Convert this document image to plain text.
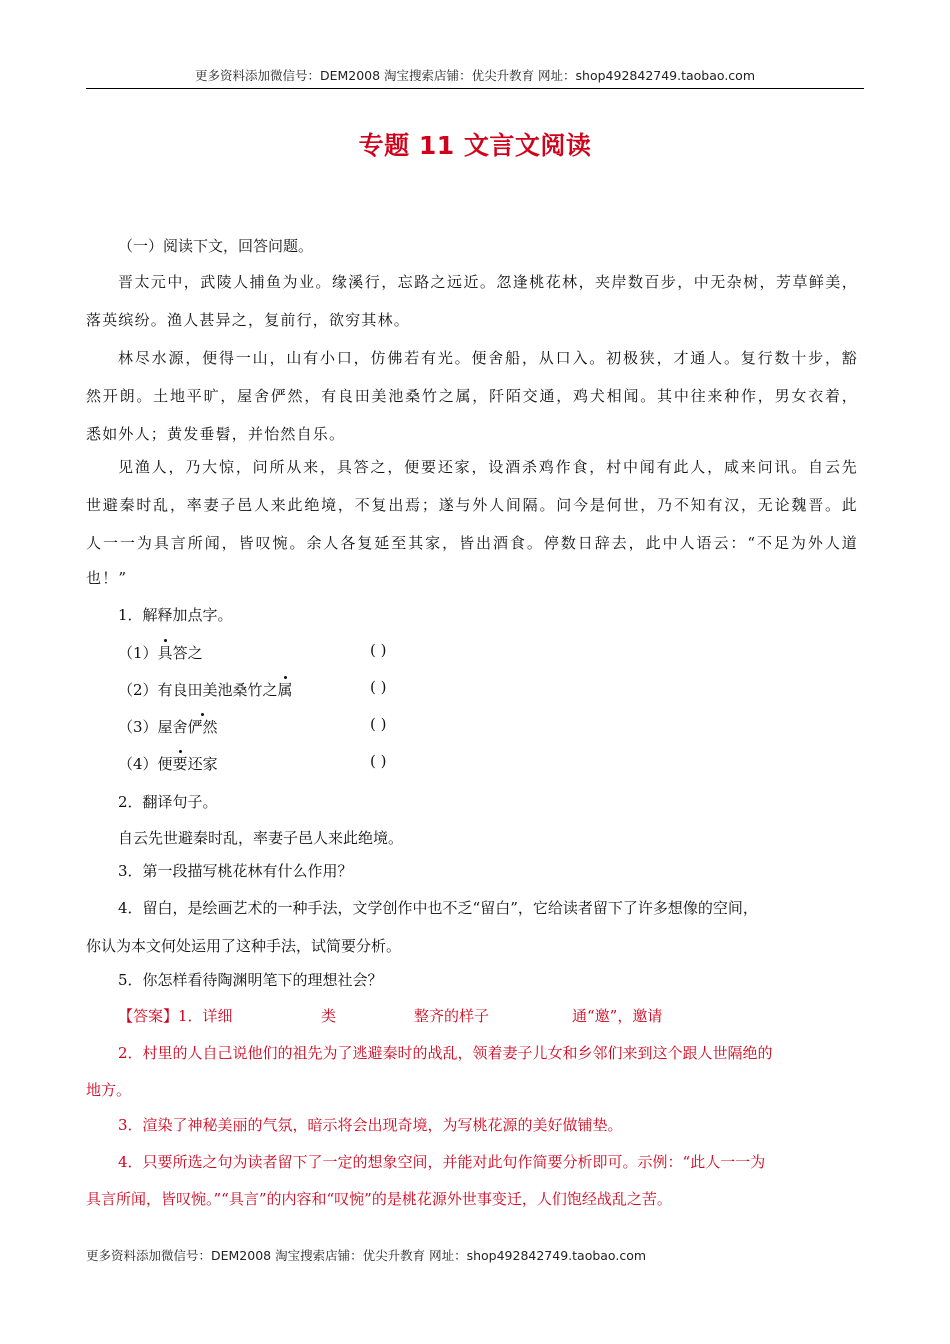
更多资料添加微信号：DEM2008 淘宝搜索店铺：优尖升教育 网址：shop492842749.taobao.com
专题 11 文言文阅读
（一）阅读下文，回答问题。
晋太元中，武陵人捕鱼为业。缘溪行，忘路之远近。忽逢桃花林，夹岸数百步，中无杂树，芳草鲜美，
落英缤纷。渔人甚异之，复前行，欲穷其林。
林尽水源，便得一山，山有小口，仿佛若有光。便舍船，从口入。初极狭，才通人。复行数十步，豁
然开朗。土地平旷，屋舍俨然，有良田美池桑竹之属，阡陌交通，鸡犬相闻。其中往来种作，男女衣着，
悉如外人；黄发垂髫，并怡然自乐。
见渔人，乃大惊，问所从来，具答之，便要还家，设酒杀鸡作食，村中闻有此人，咸来问讯。自云先
世避秦时乱，率妻子邑人来此绝境，不复出焉；遂与外人间隔。问今是何世，乃不知有汉，无论魏晋。此
人一一为具言所闻，皆叹惋。余人各复延至其家，皆出酒食。停数日辞去，此中人语云：“不足为外人道
也！”
1．解释加点字。
（1）具答之	( )
（2）有良田美池桑竹之属	( )
（3）屋舍俨然	( )
（4）便要还家	( )
2．翻译句子。
自云先世避秦时乱，率妻子邑人来此绝境。
3．第一段描写桃花林有什么作用？
4．留白，是绘画艺术的一种手法，文学创作中也不乏“留白”，它给读者留下了许多想像的空间，
你认为本文何处运用了这种手法，试简要分析。
5．你怎样看待陶渊明笔下的理想社会？
【答案】1．详细	类	整齐的样子	通“邀”，邀请
2．村里的人自己说他们的祖先为了逃避秦时的战乱，领着妻子儿女和乡邻们来到这个跟人世隔绝的
地方。
3．渲染了神秘美丽的气氛，暗示将会出现奇境，为写桃花源的美好做铺垫。
4．只要所选之句为读者留下了一定的想象空间，并能对此句作简要分析即可。示例：“此人一一为
具言所闻，皆叹惋。”“具言”的内容和“叹惋”的是桃花源外世事变迁，人们饱经战乱之苦。
更多资料添加微信号：DEM2008 淘宝搜索店铺：优尖升教育 网址：shop492842749.taobao.com
